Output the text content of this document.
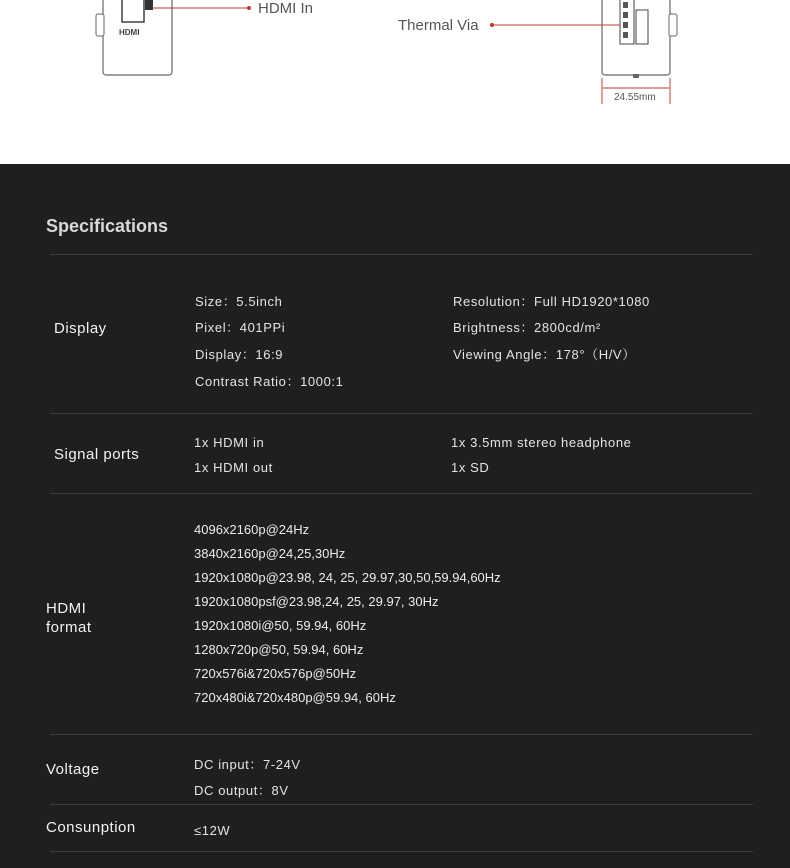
HDMI
HDMI In
Thermal Via
24.55mm
Specifications
Display
Size：5.5inch
Pixel：401PPi
Display：16:9
Contrast Ratio：1000:1
Resolution：Full HD1920*1080
Brightness：2800cd/m²
Viewing Angle：178°（H/V）
Signal ports
1x HDMI in
1x HDMI out
1x 3.5mm stereo headphone
1x SD
HDMI
format
4096x2160p@24Hz
3840x2160p@24,25,30Hz
1920x1080p@23.98, 24, 25, 29.97,30,50,59.94,60Hz
1920x1080psf@23.98,24, 25, 29.97, 30Hz
1920x1080i@50, 59.94, 60Hz
1280x720p@50, 59.94, 60Hz
720x576i&720x576p@50Hz
720x480i&720x480p@59.94, 60Hz
Voltage	DC input：7-24V
DC output：8V
Consunption	≤12W
